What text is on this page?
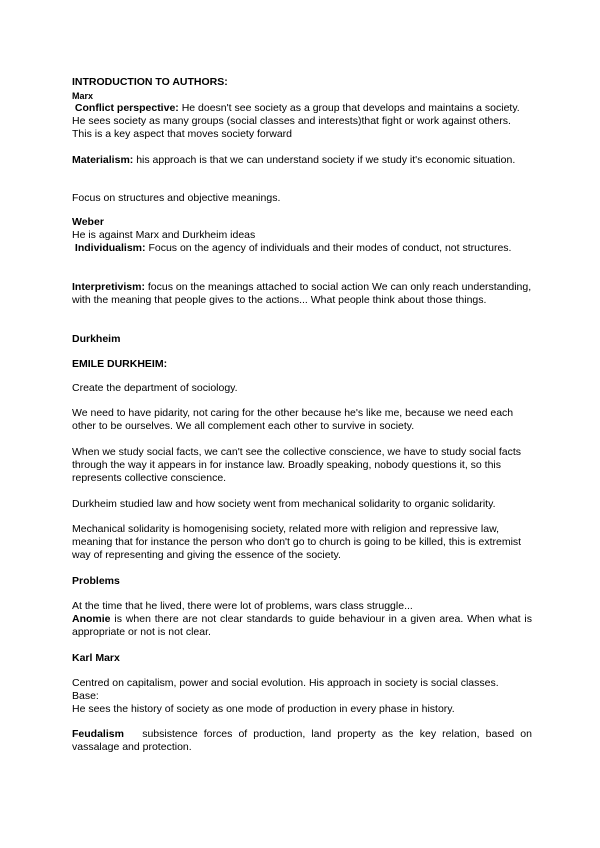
INTRODUCTION TO AUTHORS:

Marx

Conflict perspective: He doesn't see society as a group that develops and maintains a society. He sees society as many groups (social classes and interests)that fight or work against others. This is a key aspect that moves society forward

Materialism: his approach is that we can understand society if we study it's economic situation.

Focus on structures and objective meanings.

Weber

He is against Marx and Durkheim ideas

Individualism: Focus on the agency of individuals and their modes of conduct, not structures.

Interpretivism: focus on the meanings attached to social action We can only reach understanding, with the meaning that people gives to the actions... What people think about those things.

Durkheim

EMILE DURKHEIM:

Create the department of sociology.

We need to have pidarity, not caring for the other because he's like me, because we need each other to be ourselves. We all complement each other to survive in society.

When we study social facts, we can't see the collective conscience, we have to study social facts through the way it appears in for instance law. Broadly speaking, nobody questions it, so this represents collective conscience.

Durkheim studied law and how society went from mechanical solidarity to organic solidarity.

Mechanical solidarity is homogenising society, related more with religion and repressive law, meaning that for instance the person who don't go to church is going to be killed, this is extremist way of representing and giving the essence of the society.

Problems

At the time that he lived, there were lot of problems, wars class struggle...

Anomie is when there are not clear standards to guide behaviour in a given area. When what is appropriate or not is not clear.

Karl Marx

Centred on capitalism, power and social evolution. His approach in society is social classes.

Base:

He sees the history of society as one mode of production in every phase in history.

Feudalism subsistence forces of production, land property as the key relation, based on vassalage and protection.
